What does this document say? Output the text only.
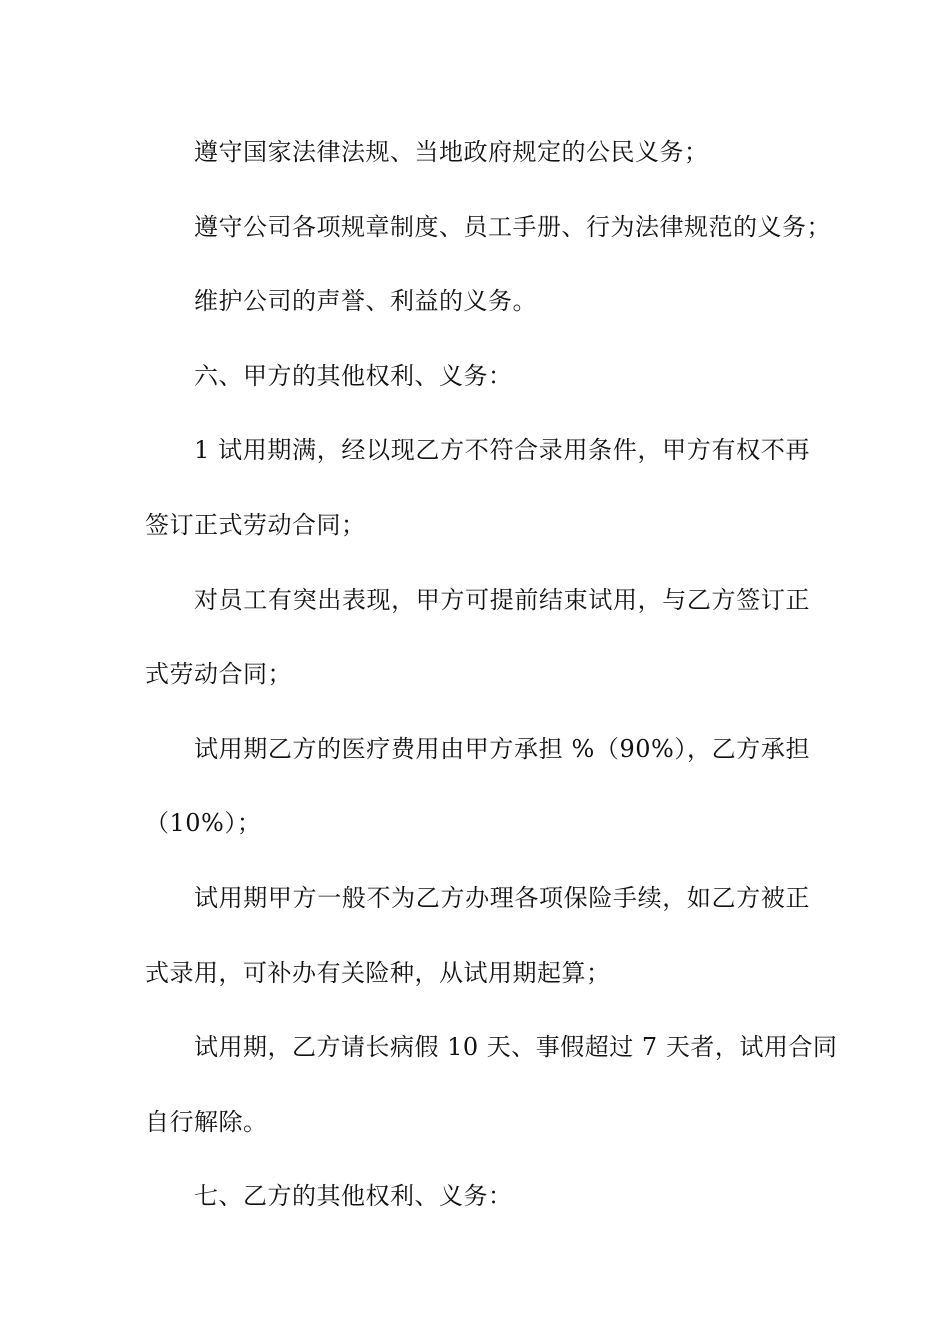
遵守国家法律法规、当地政府规定的公民义务；
遵守公司各项规章制度、员工手册、行为法律规范的义务；
维护公司的声誉、利益的义务。
六、甲方的其他权利、义务：
1 试用期满，经以现乙方不符合录用条件，甲方有权不再
签订正式劳动合同；
对员工有突出表现，甲方可提前结束试用，与乙方签订正
式劳动合同；
试用期乙方的医疗费用由甲方承担 %（90%），乙方承担
（10%）；
试用期甲方一般不为乙方办理各项保险手续，如乙方被正
式录用，可补办有关险种，从试用期起算；
试用期，乙方请长病假 10 天、事假超过 7 天者，试用合同
自行解除。
七、乙方的其他权利、义务：
